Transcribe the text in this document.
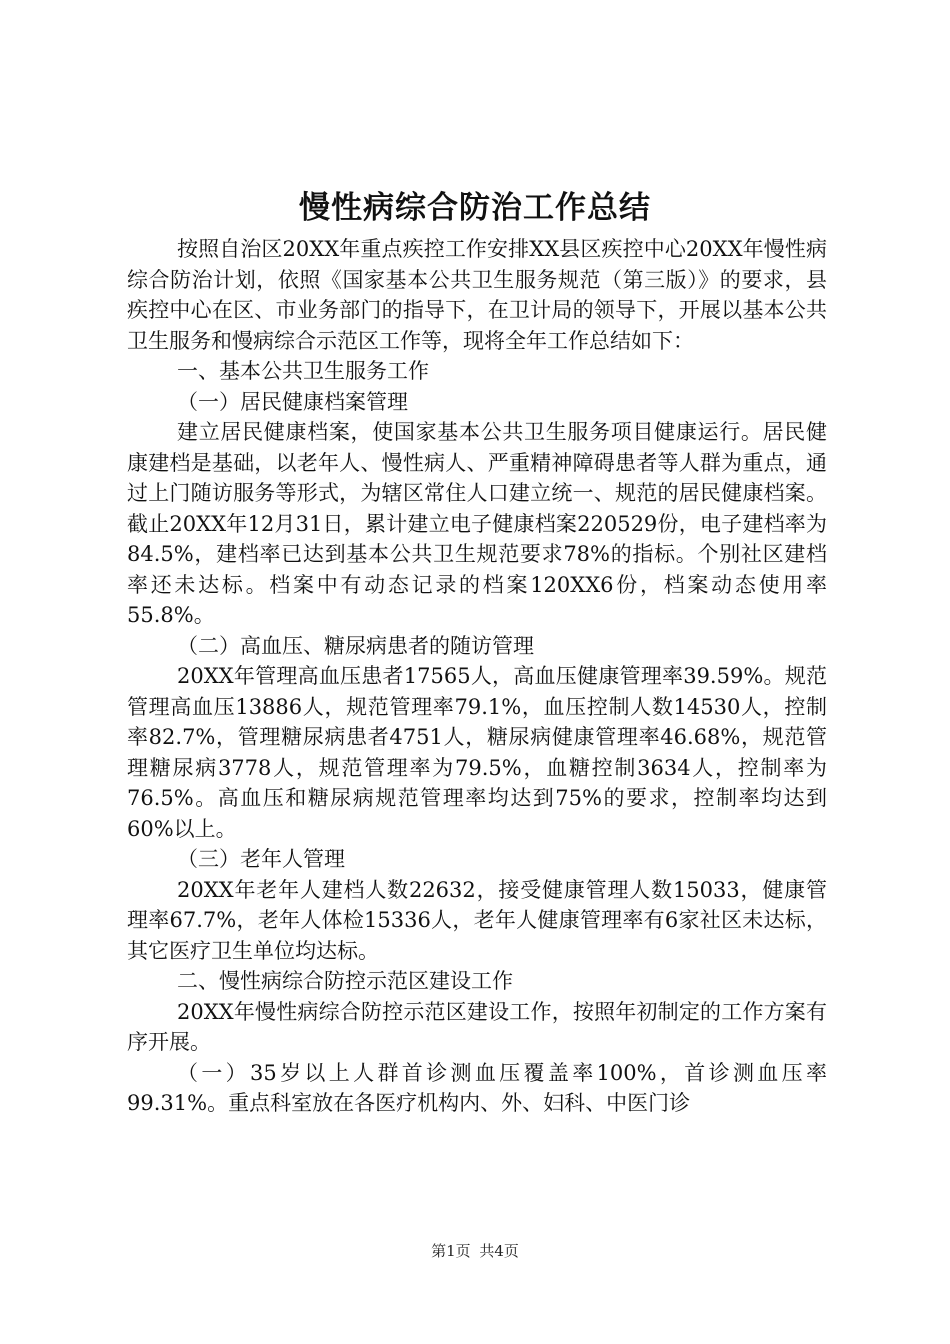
慢性病综合防治工作总结

按照自治区20XX年重点疾控工作安排XX县区疾控中心20XX年慢性病综合防治计划，依照《国家基本公共卫生服务规范（第三版）》的要求，县疾控中心在区、市业务部门的指导下，在卫计局的领导下，开展以基本公共卫生服务和慢病综合示范区工作等，现将全年工作总结如下：

一、基本公共卫生服务工作

（一）居民健康档案管理

建立居民健康档案，使国家基本公共卫生服务项目健康运行。居民健康建档是基础，以老年人、慢性病人、严重精神障碍患者等人群为重点，通过上门随访服务等形式，为辖区常住人口建立统一、规范的居民健康档案。截止20XX年12月31日，累计建立电子健康档案220529份，电子建档率为84.5%，建档率已达到基本公共卫生规范要求78%的指标。个别社区建档率还未达标。档案中有动态记录的档案120XX6份，档案动态使用率55.8%。

（二）高血压、糖尿病患者的随访管理

20XX年管理高血压患者17565人，高血压健康管理率39.59%。规范管理高血压13886人，规范管理率79.1%，血压控制人数14530人，控制率82.7%，管理糖尿病患者4751人，糖尿病健康管理率46.68%，规范管理糖尿病3778人，规范管理率为79.5%，血糖控制3634人，控制率为76.5%。高血压和糖尿病规范管理率均达到75%的要求，控制率均达到60%以上。

（三）老年人管理

20XX年老年人建档人数22632，接受健康管理人数15033，健康管理率67.7%，老年人体检15336人，老年人健康管理率有6家社区未达标，其它医疗卫生单位均达标。

二、慢性病综合防控示范区建设工作

20XX年慢性病综合防控示范区建设工作，按照年初制定的工作方案有序开展。

（一）35岁以上人群首诊测血压覆盖率100%，首诊测血压率99.31%。重点科室放在各医疗机构内、外、妇科、中医门诊

第1页 共4页
